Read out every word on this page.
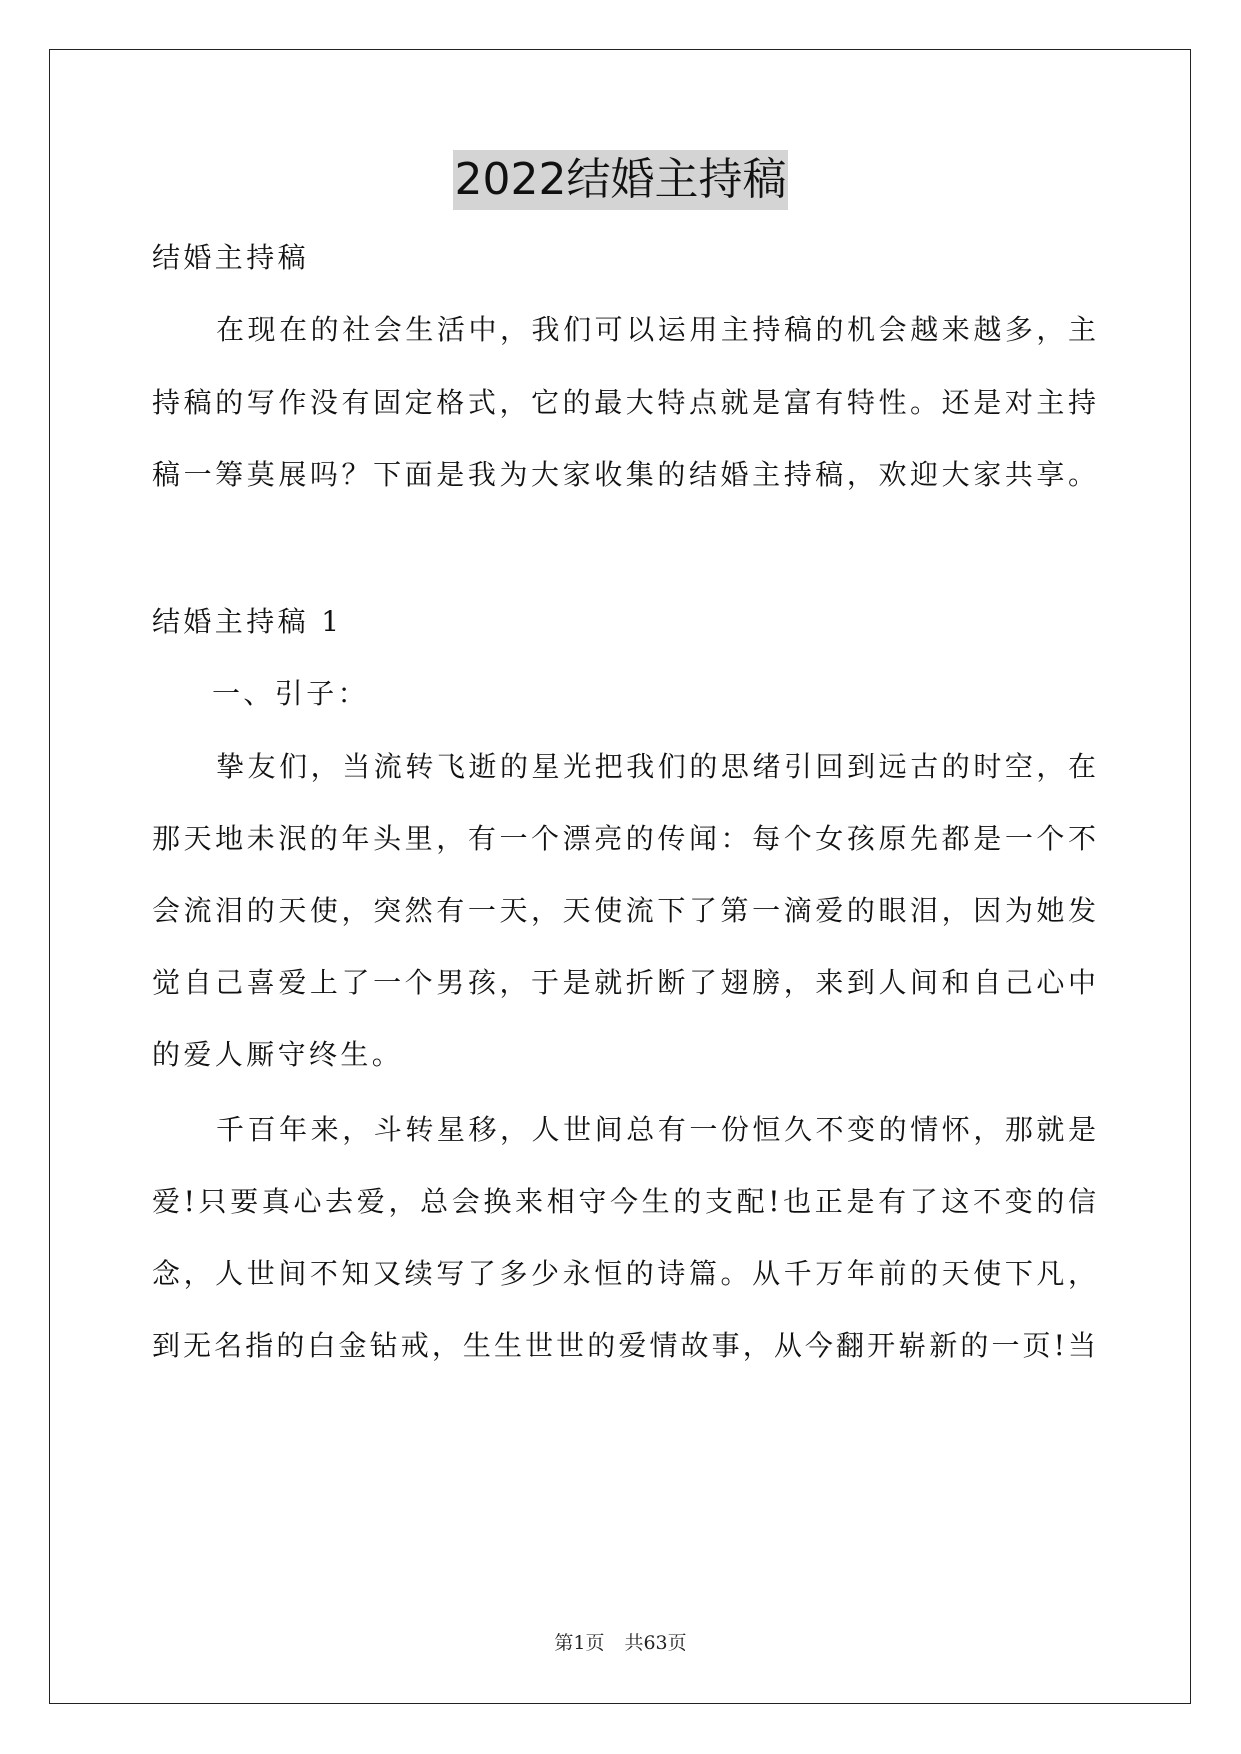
2022结婚主持稿
结婚主持稿
在现在的社会生活中，我们可以运用主持稿的机会越来越多，主
持稿的写作没有固定格式，它的最大特点就是富有特性。还是对主持
稿一筹莫展吗？下面是我为大家收集的结婚主持稿，欢迎大家共享。
结婚主持稿 1
一、引子：
挚友们，当流转飞逝的星光把我们的思绪引回到远古的时空，在
那天地未泯的年头里，有一个漂亮的传闻：每个女孩原先都是一个不
会流泪的天使，突然有一天，天使流下了第一滴爱的眼泪，因为她发
觉自己喜爱上了一个男孩，于是就折断了翅膀，来到人间和自己心中
的爱人厮守终生。
千百年来，斗转星移，人世间总有一份恒久不变的情怀，那就是
爱!只要真心去爱，总会换来相守今生的支配!也正是有了这不变的信
念，人世间不知又续写了多少永恒的诗篇。从千万年前的天使下凡，
到无名指的白金钻戒，生生世世的爱情故事，从今翻开崭新的一页!当
第1页 共63页
